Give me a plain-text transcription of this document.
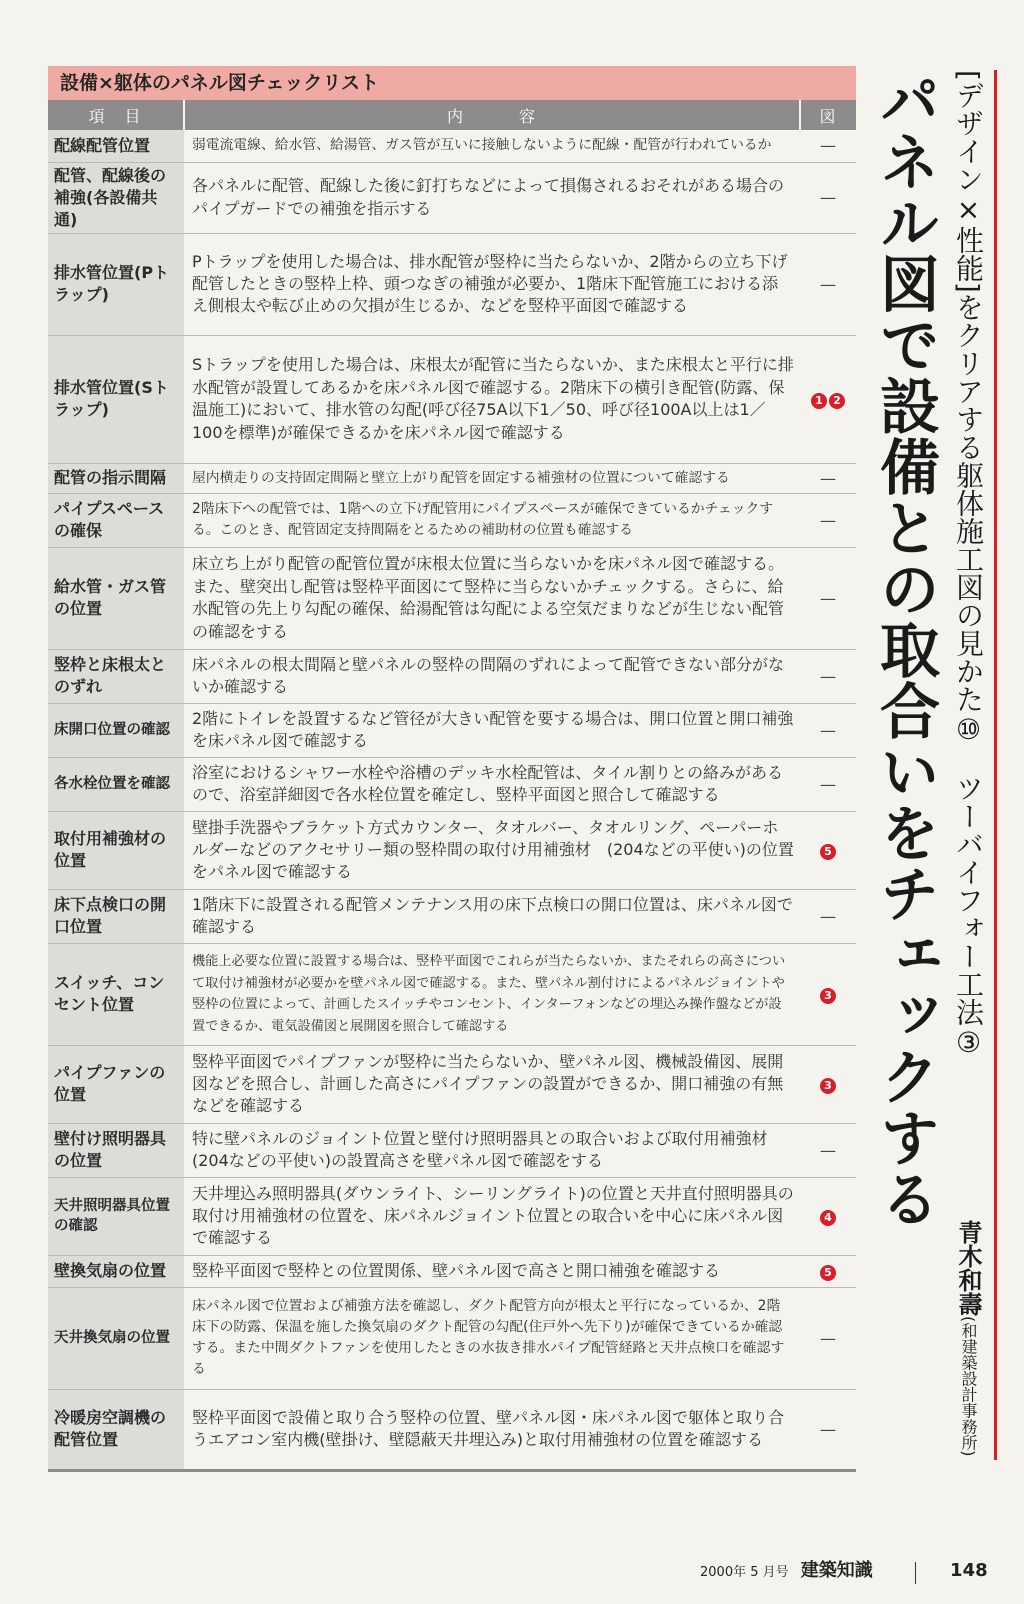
設備×躯体のパネル図チェックリスト
項　目	内　　　容	図
配線配管位置	弱電流電線、給水管、給湯管、ガス管が互いに接触しないように配線・配管が行われているか	—
配管、配線後の補強(各設備共通)	各パネルに配管、配線した後に釘打ちなどによって損傷されるおそれがある場合のパイプガードでの補強を指示する	—
排水管位置(Pトラップ)	Pトラップを使用した場合は、排水配管が竪枠に当たらないか、2階からの立ち下げ配管したときの竪枠上枠、頭つなぎの補強が必要か、1階床下配管施工における添え側根太や転び止めの欠損が生じるか、などを竪枠平面図で確認する	—
排水管位置(Sトラップ)	Sトラップを使用した場合は、床根太が配管に当たらないか、また床根太と平行に排水配管が設置してあるかを床パネル図で確認する。2階床下の横引き配管(防露、保温施工)において、排水管の勾配(呼び径75A以下1／50、呼び径100A以上は1／100を標準)が確保できるかを床パネル図で確認する	1 2
配管の指示間隔	屋内横走りの支持固定間隔と壁立上がり配管を固定する補強材の位置について確認する	—
パイプスペースの確保	2階床下への配管では、1階への立下げ配管用にパイプスペースが確保できているかチェックする。このとき、配管固定支持間隔をとるための補助材の位置も確認する	—
給水管・ガス管の位置	床立ち上がり配管の配管位置が床根太位置に当らないかを床パネル図で確認する。また、壁突出し配管は竪枠平面図にて竪枠に当らないかチェックする。さらに、給水配管の先上り勾配の確保、給湯配管は勾配による空気だまりなどが生じない配管の確認をする	—
竪枠と床根太とのずれ	床パネルの根太間隔と壁パネルの竪枠の間隔のずれによって配管できない部分がないか確認する	—
床開口位置の確認	2階にトイレを設置するなど管径が大きい配管を要する場合は、開口位置と開口補強を床パネル図で確認する	—
各水栓位置を確認	浴室におけるシャワー水栓や浴槽のデッキ水栓配管は、タイル割りとの絡みがあるので、浴室詳細図で各水栓位置を確定し、竪枠平面図と照合して確認する	—
取付用補強材の位置	壁掛手洗器やブラケット方式カウンター、タオルバー、タオルリング、ペーパーホルダーなどのアクセサリー類の竪枠間の取付け用補強材　(204などの平使い)の位置をパネル図で確認する	5
床下点検口の開口位置	1階床下に設置される配管メンテナンス用の床下点検口の開口位置は、床パネル図で確認する	—
スイッチ、コンセント位置	機能上必要な位置に設置する場合は、竪枠平面図でこれらが当たらないか、またそれらの高さについて取付け補強材が必要かを壁パネル図で確認する。また、壁パネル割付けによるパネルジョイントや竪枠の位置によって、計画したスイッチやコンセント、インターフォンなどの埋込み操作盤などが設置できるか、電気設備図と展開図を照合して確認する	3
パイプファンの位置	竪枠平面図でパイプファンが竪枠に当たらないか、壁パネル図、機械設備図、展開図などを照合し、計画した高さにパイプファンの設置ができるか、開口補強の有無などを確認する	3
壁付け照明器具の位置	特に壁パネルのジョイント位置と壁付け照明器具との取合いおよび取付用補強材(204などの平使い)の設置高さを壁パネル図で確認をする	—
天井照明器具位置の確認	天井埋込み照明器具(ダウンライト、シーリングライト)の位置と天井直付照明器具の取付け用補強材の位置を、床パネルジョイント位置との取合いを中心に床パネル図で確認する	4
壁換気扇の位置	竪枠平面図で竪枠との位置関係、壁パネル図で高さと開口補強を確認する	5
天井換気扇の位置	床パネル図で位置および補強方法を確認し、ダクト配管方向が根太と平行になっているか、2階床下の防露、保温を施した換気扇のダクト配管の勾配(住戸外へ先下り)が確保できているか確認する。また中間ダクトファンを使用したときの水抜き排水パイプ配管経路と天井点検口を確認する	—
冷暖房空調機の配管位置	竪枠平面図で設備と取り合う竪枠の位置、壁パネル図・床パネル図で躯体と取り合うエアコン室内機(壁掛け、壁隠蔽天井埋込み)と取付用補強材の位置を確認する	—
パネル図で設備との取合いをチェックする [デザイン×性能]をクリアする躯体施工図の見かた⑩　ツーバイフォー工法③
青木和壽(和建築設計事務所)
2000年 5 月号 建築知識	148
